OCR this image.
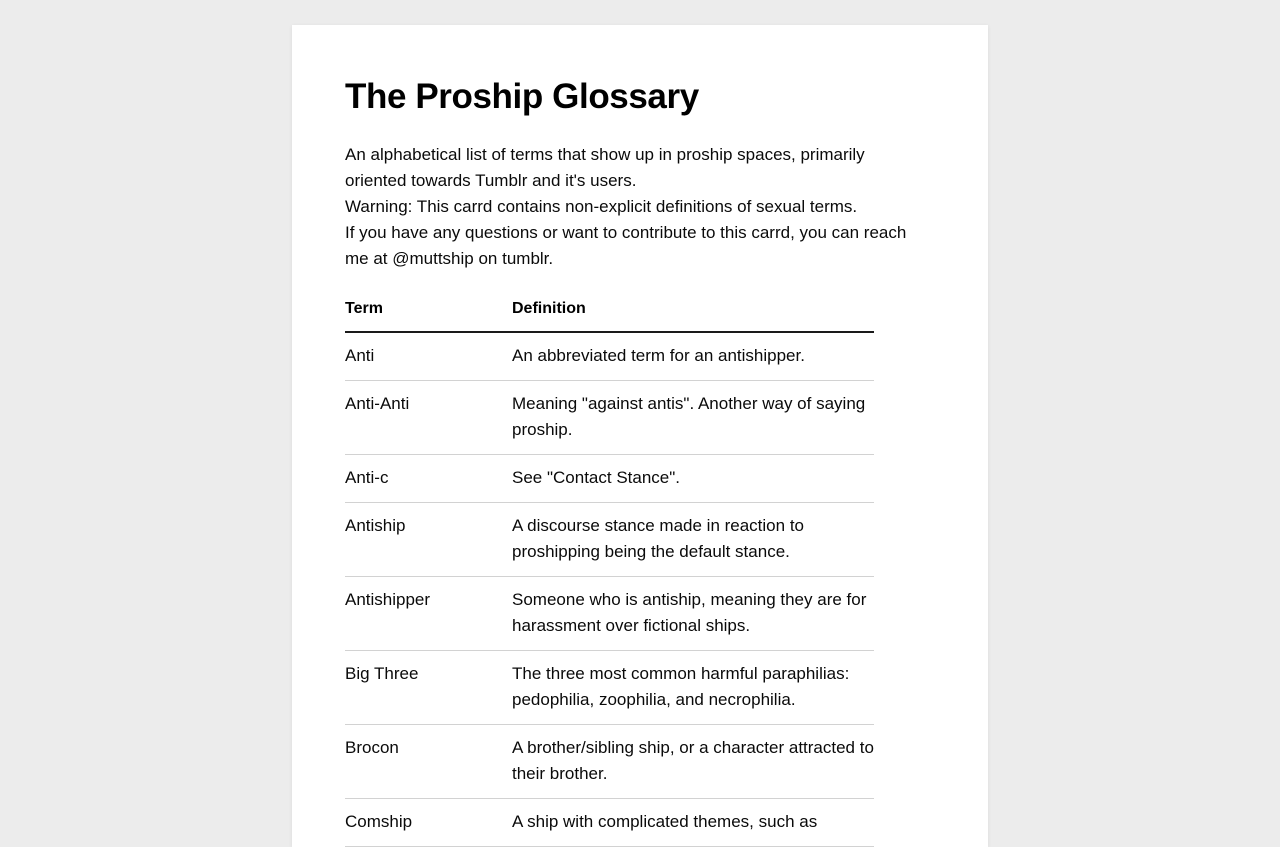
The Proship Glossary
An alphabetical list of terms that show up in proship spaces, primarily oriented towards Tumblr and it's users.
Warning: This carrd contains non-explicit definitions of sexual terms.
If you have any questions or want to contribute to this carrd, you can reach me at @muttship on tumblr.
Term	Definition
Anti	An abbreviated term for an antishipper.
Anti-Anti	Meaning "against antis". Another way of saying proship.
Anti-c	See "Contact Stance".
Antiship	A discourse stance made in reaction to proshipping being the default stance.
Antishipper	Someone who is antiship, meaning they are for harassment over fictional ships.
Big Three	The three most common harmful paraphilias: pedophilia, zoophilia, and necrophilia.
Brocon	A brother/sibling ship, or a character attracted to their brother.
Comship	A ship with complicated themes, such as
